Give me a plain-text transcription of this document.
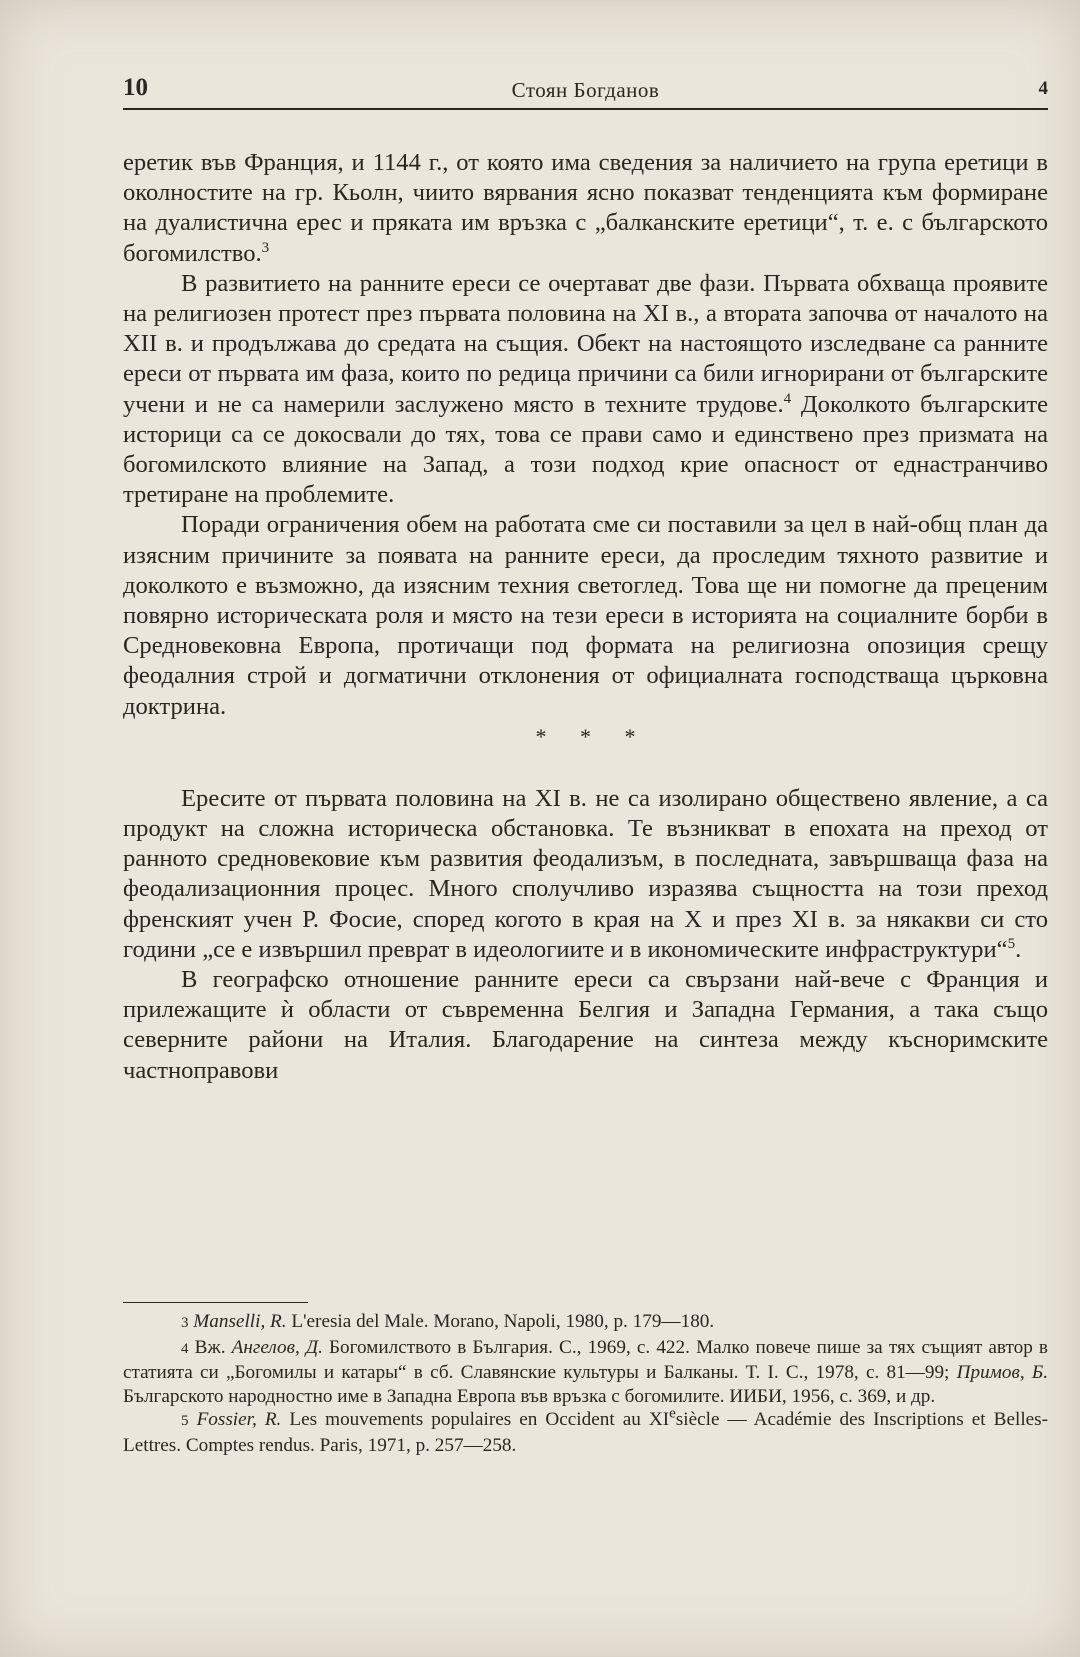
10	Стоян Богданов	4

еретик във Франция, и 1144 г., от която има сведения за наличието на група еретици в околностите на гр. Кьолн, чиито вярвания ясно показват тенденцията към формиране на дуалистична ерес и пряката им връзка с „балканските еретици“, т. е. с българското богомилство.$^3$

В развитието на ранните ереси се очертават две фази. Първата обхваща проявите на религиозен протест през първата половина на XI в., а втората започва от началото на XII в. и продължава до средата на същия. Обект на настоящото изследване са ранните ереси от първата им фаза, които по редица причини са били игнорирани от българските учени и не са намерили заслужено място в техните трудове.$^4$ Доколкото българските историци са се докосвали до тях, това се прави само и единствено през призмата на богомилското влияние на Запад, а този подход крие опасност от еднастранчиво третиране на проблемите.

Поради ограничения обем на работата сме си поставили за цел в най-общ план да изясним причините за появата на ранните ереси, да проследим тяхното развитие и доколкото е възможно, да изясним техния светоглед. Това ще ни помогне да преценим повярно историческата роля и място на тези ереси в историята на социалните борби в Средновековна Европа, протичащи под формата на религиозна опозиция срещу феодалния строй и догматични отклонения от официалната господстваща църковна доктрина.

* * *

Ересите от първата половина на XI в. не са изолирано обществено явление, а са продукт на сложна историческа обстановка. Те възникват в епохата на преход от ранното средновековие към развития феодализъм, в последната, завършваща фаза на феодализационния процес. Много сполучливо изразява същността на този преход френският учен Р. Фосие, според когото в края на X и през XI в. за някакви си сто години „се е извършил преврат в идеологиите и в икономическите инфраструктури“$^5$.

В географско отношение ранните ереси са свързани най-вече с Франция и прилежащите ѝ области от съвременна Белгия и Западна Германия, а така също северните райони на Италия. Благодарение на синтеза между късноримските частноправови

3 Manselli, R. L'eresia del Male. Morano, Napoli, 1980, p. 179—180.

4 Вж. Ангелов, Д. Богомилството в България. С., 1969, с. 422. Малко повече пише за тях същият автор в статията си „Богомилы и катары“ в сб. Славянские культуры и Балканы. Т. I. С., 1978, с. 81—99; Примов, Б. Българското народностно име в Западна Европа във връзка с богомилите. ИИБИ, 1956, с. 369, и др.

5 Fossier, R. Les mouvements populaires en Occident au XIesiècle — Académie des Inscriptions et Belles-Lettres. Comptes rendus. Paris, 1971, p. 257—258.
